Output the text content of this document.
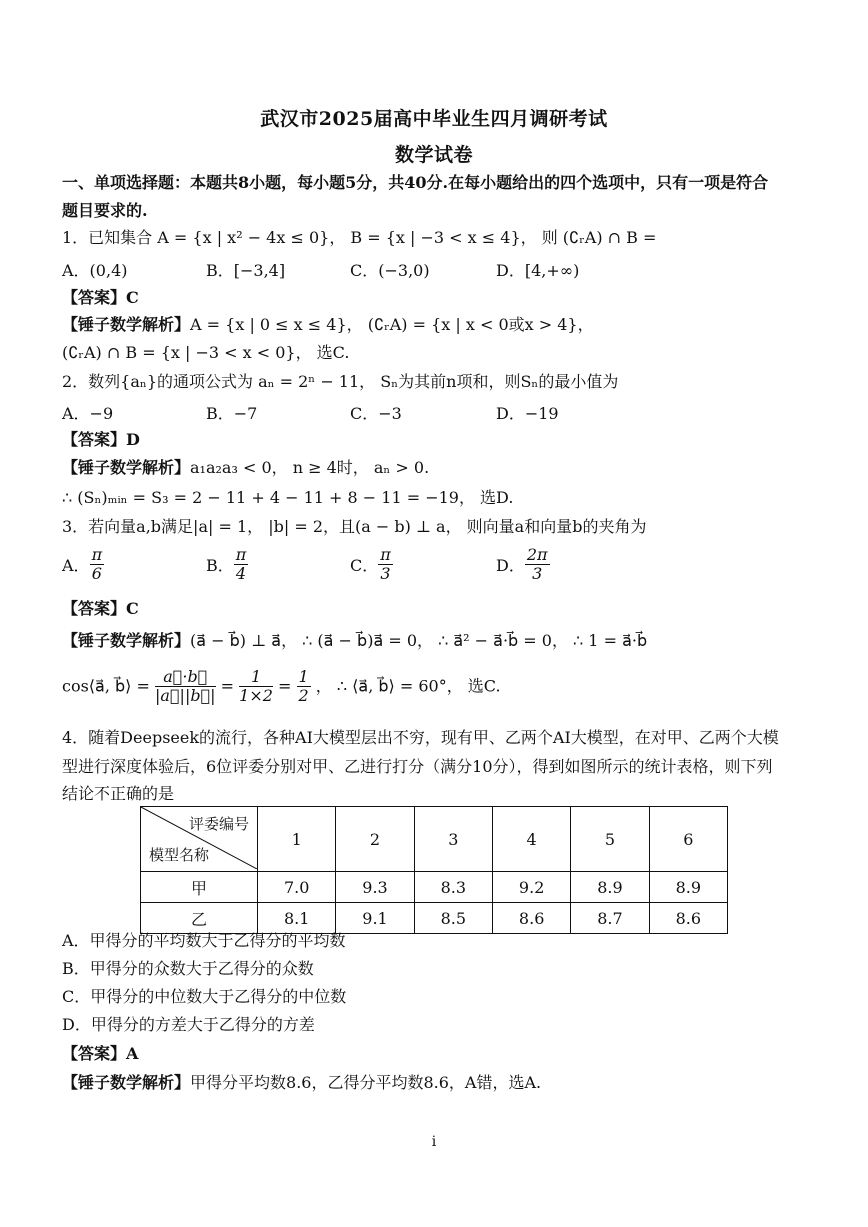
武汉市2025届高中毕业生四月调研考试
数学试卷
一、单项选择题：本题共8小题，每小题5分，共40分.在每小题给出的四个选项中，只有一项是符合
题目要求的.
1．已知集合 A = {x | x² − 4x ≤ 0}， B = {x | −3 < x ≤ 4}， 则 (∁ᵣA) ∩ B =
A．(0,4)	B．[−3,4]	C．(−3,0)	D．[4,+∞)
【答案】C
【锤子数学解析】A = {x | 0 ≤ x ≤ 4}， (∁ᵣA) = {x | x < 0或x > 4}，
(∁ᵣA) ∩ B = {x | −3 < x < 0}， 选C.
2．数列{aₙ}的通项公式为 aₙ = 2ⁿ − 11， Sₙ为其前n项和，则Sₙ的最小值为
A．−9	B．−7	C．−3	D．−19
【答案】D
【锤子数学解析】a₁a₂a₃ < 0， n ≥ 4时， aₙ > 0.
∴ (Sₙ)ₘᵢₙ = S₃ = 2 − 11 + 4 − 11 + 8 − 11 = −19， 选D.
3．若向量a,b满足|a| = 1， |b| = 2，且(a − b) ⊥ a， 则向量a和向量b的夹角为
A． $\frac{\pi}{6}$	B． $\frac{\pi}{4}$	C． $\frac{\pi}{3}$	D． $\frac{2\pi}{3}$
【答案】C
【锤子数学解析】(a⃗ − b⃗) ⊥ a⃗， ∴ (a⃗ − b⃗)a⃗ = 0， ∴ a⃗² − a⃗·b⃗ = 0， ∴ 1 = a⃗·b⃗
cos⟨a⃗, b⃗⟩ = $\frac{a⃗\cdot b⃗}{|a⃗||b⃗|} = \frac{1}{1\times 2} = \frac{1}{2}$ ， ∴ ⟨a⃗, b⃗⟩ = 60°， 选C.
4．随着Deepseek的流行，各种AI大模型层出不穷，现有甲、乙两个AI大模型，在对甲、乙两个大模
型进行深度体验后，6位评委分别对甲、乙进行打分（满分10分），得到如图所示的统计表格，则下列
结论不正确的是
评委编号
模型名称	1	2	3	4	5	6
甲	7.0	9.3	8.3	9.2	8.9	8.9
乙	8.1	9.1	8.5	8.6	8.7	8.6
A．甲得分的平均数大于乙得分的平均数
B．甲得分的众数大于乙得分的众数
C．甲得分的中位数大于乙得分的中位数
D．甲得分的方差大于乙得分的方差
【答案】A
【锤子数学解析】甲得分平均数8.6，乙得分平均数8.6，A错，选A.
i
